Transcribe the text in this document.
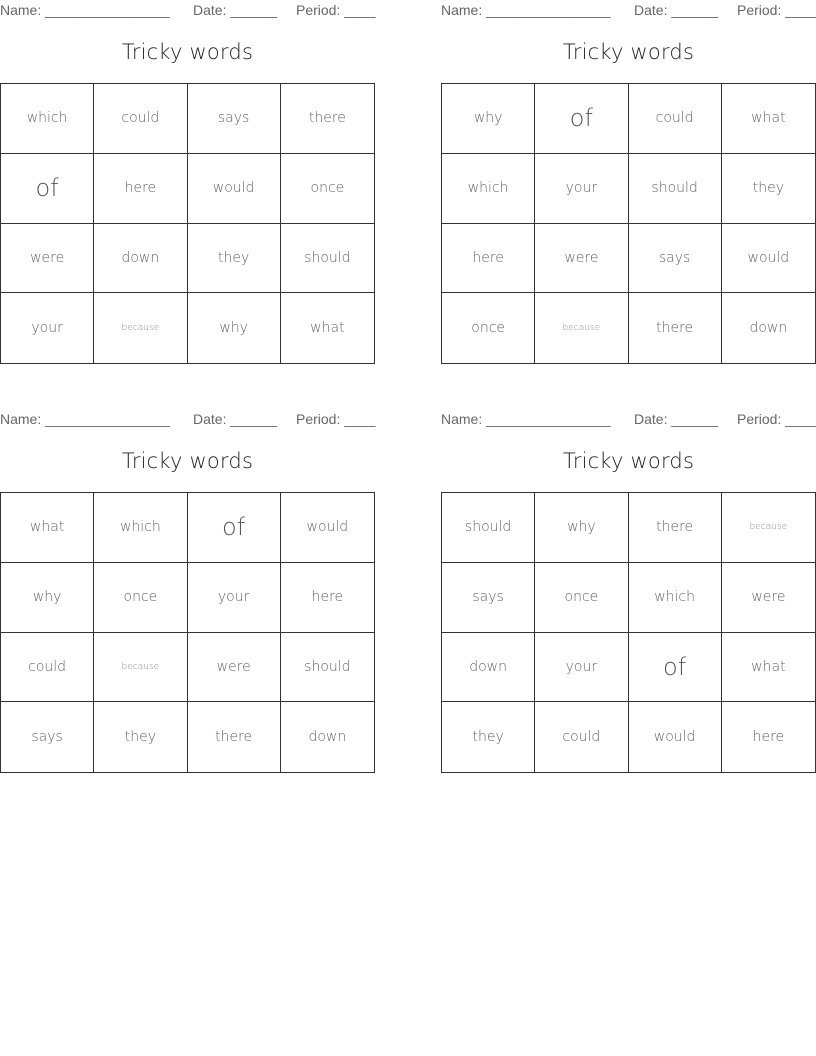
Name: ________________ Date: ______ Period: ____
Tricky words
which	could	says	there
of	here	would	once
were	down	they	should
your	because	why	what
Name: ________________ Date: ______ Period: ____
Tricky words
why	of	could	what
which	your	should	they
here	were	says	would
once	because	there	down
Name: ________________ Date: ______ Period: ____
Tricky words
what	which	of	would
why	once	your	here
could	because	were	should
says	they	there	down
Name: ________________ Date: ______ Period: ____
Tricky words
should	why	there	because
says	once	which	were
down	your	of	what
they	could	would	here
